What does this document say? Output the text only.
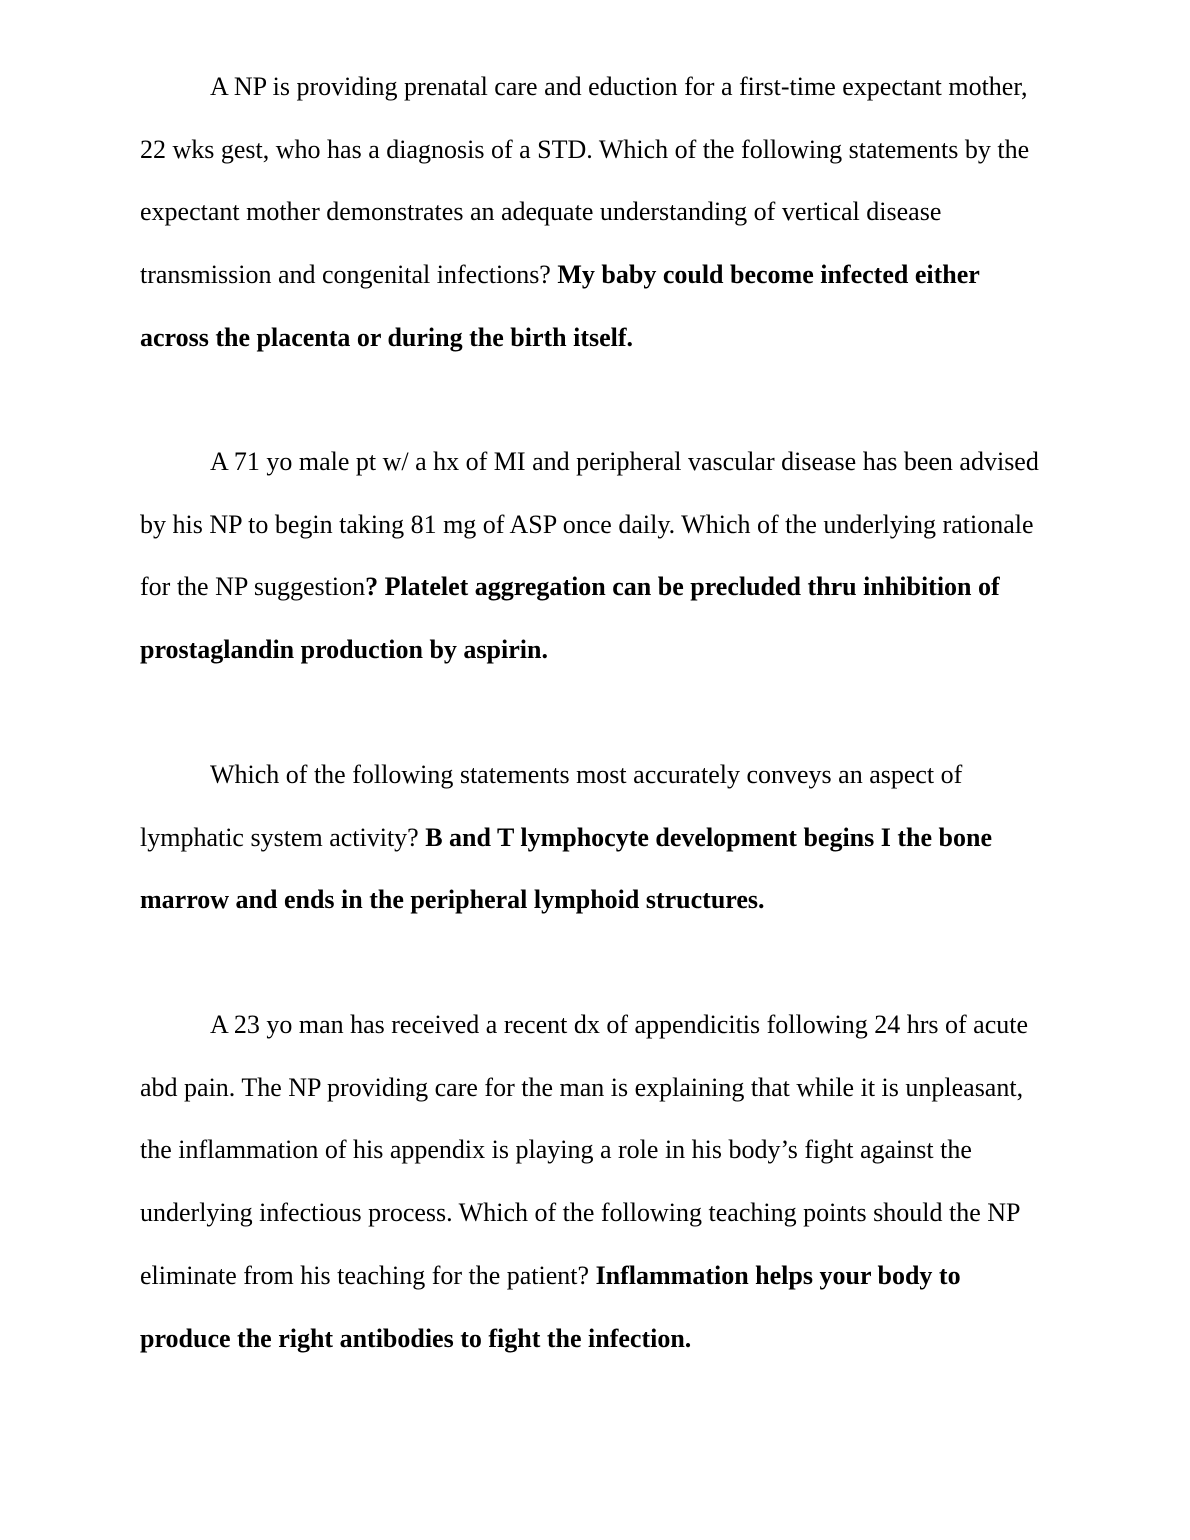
A NP is providing prenatal care and eduction for a first-time expectant mother, 22 wks gest, who has a diagnosis of a STD. Which of the following statements by the expectant mother demonstrates an adequate understanding of vertical disease transmission and congenital infections? My baby could become infected either across the placenta or during the birth itself.

A 71 yo male pt w/ a hx of MI and peripheral vascular disease has been advised by his NP to begin taking 81 mg of ASP once daily. Which of the underlying rationale for the NP suggestion? Platelet aggregation can be precluded thru inhibition of prostaglandin production by aspirin.

Which of the following statements most accurately conveys an aspect of lymphatic system activity? B and T lymphocyte development begins I the bone marrow and ends in the peripheral lymphoid structures.

A 23 yo man has received a recent dx of appendicitis following 24 hrs of acute abd pain. The NP providing care for the man is explaining that while it is unpleasant, the inflammation of his appendix is playing a role in his body’s fight against the underlying infectious process. Which of the following teaching points should the NP eliminate from his teaching for the patient? Inflammation helps your body to produce the right antibodies to fight the infection.
